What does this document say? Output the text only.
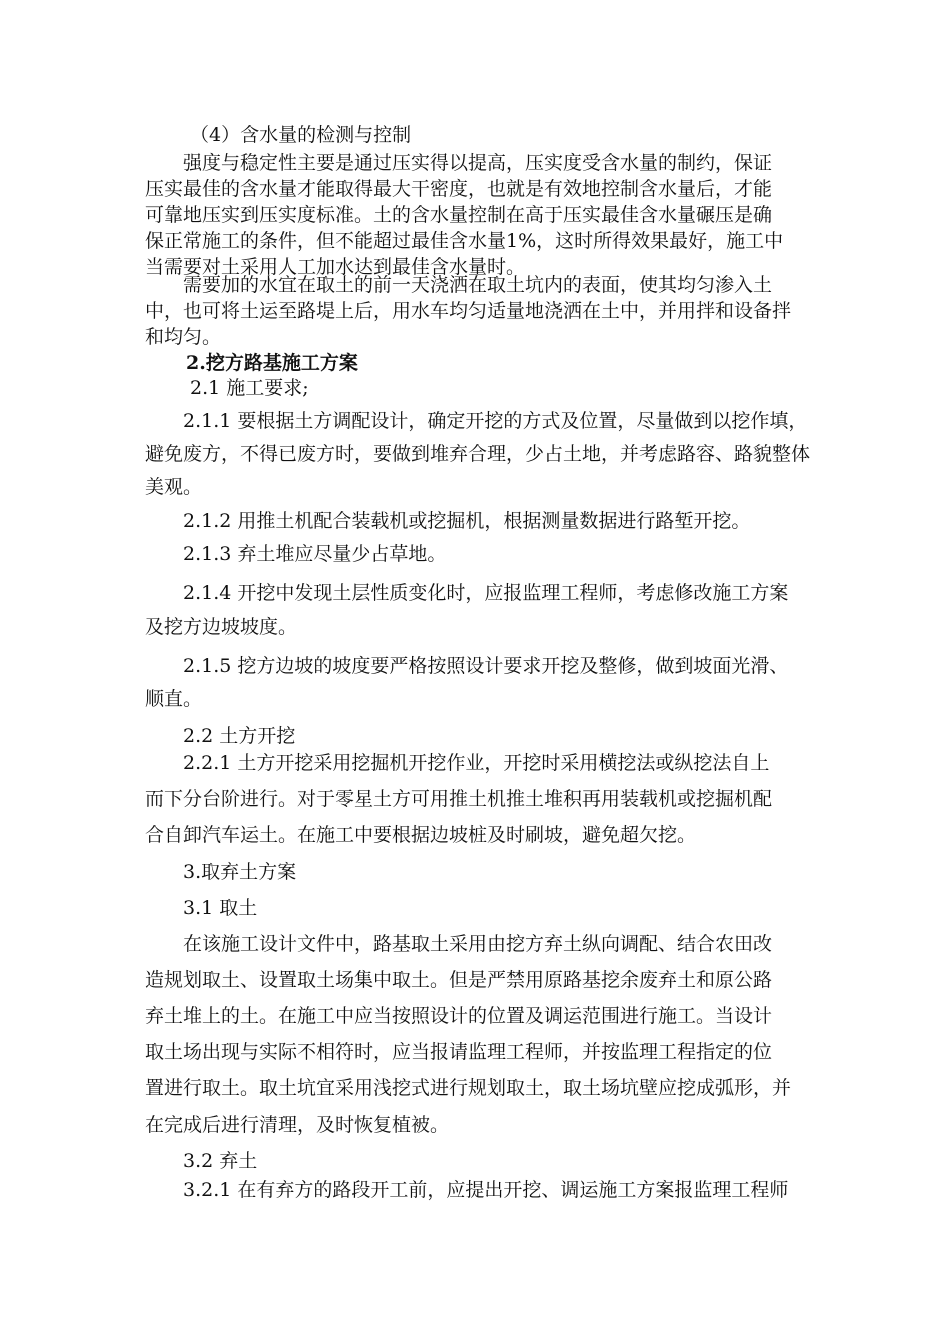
（4）含水量的检测与控制
强度与稳定性主要是通过压实得以提高，压实度受含水量的制约，保证
压实最佳的含水量才能取得最大干密度，也就是有效地控制含水量后，才能
可靠地压实到压实度标准。土的含水量控制在高于压实最佳含水量碾压是确
保正常施工的条件，但不能超过最佳含水量1%，这时所得效果最好，施工中
当需要对土采用人工加水达到最佳含水量时。
需要加的水宜在取土的前一天浇洒在取土坑内的表面，使其均匀渗入土
中，也可将土运至路堤上后，用水车均匀适量地浇洒在土中，并用拌和设备拌
和均匀。
2.挖方路基施工方案
2.1 施工要求;
2.1.1 要根据土方调配设计，确定开挖的方式及位置，尽量做到以挖作填，
避免废方，不得已废方时，要做到堆弃合理，少占土地，并考虑路容、路貌整体
美观。
2.1.2 用推土机配合装载机或挖掘机，根据测量数据进行路堑开挖。
2.1.3 弃土堆应尽量少占草地。
2.1.4 开挖中发现土层性质变化时，应报监理工程师，考虑修改施工方案
及挖方边坡坡度。
2.1.5 挖方边坡的坡度要严格按照设计要求开挖及整修，做到坡面光滑、
顺直。
2.2 土方开挖
2.2.1 土方开挖采用挖掘机开挖作业，开挖时采用横挖法或纵挖法自上
而下分台阶进行。对于零星土方可用推土机推土堆积再用装载机或挖掘机配
合自卸汽车运土。在施工中要根据边坡桩及时刷坡，避免超欠挖。
3.取弃土方案
3.1 取土
在该施工设计文件中，路基取土采用由挖方弃土纵向调配、结合农田改
造规划取土、设置取土场集中取土。但是严禁用原路基挖余废弃土和原公路
弃土堆上的土。在施工中应当按照设计的位置及调运范围进行施工。当设计
取土场出现与实际不相符时，应当报请监理工程师，并按监理工程指定的位
置进行取土。取土坑宜采用浅挖式进行规划取土，取土场坑壁应挖成弧形，并
在完成后进行清理，及时恢复植被。
3.2 弃土
3.2.1 在有弃方的路段开工前，应提出开挖、调运施工方案报监理工程师
